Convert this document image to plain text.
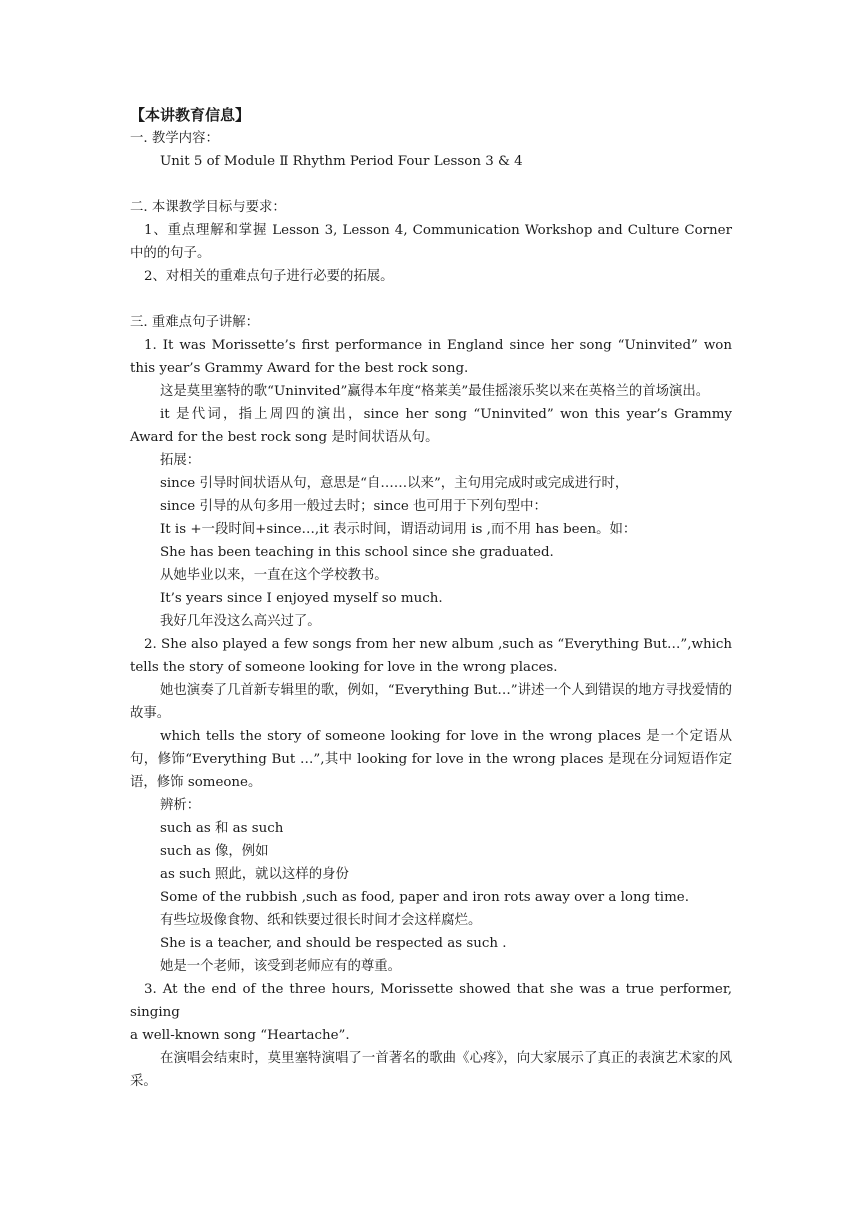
【本讲教育信息】

一. 教学内容：

Unit 5 of Module Ⅱ Rhythm Period Four Lesson 3 & 4

二. 本课教学目标与要求：

1、重点理解和掌握 Lesson 3, Lesson 4, Communication Workshop and Culture Corner 中的的句子。

2、对相关的重难点句子进行必要的拓展。

三. 重难点句子讲解：

1. It was Morissette’s first performance in England since her song “Uninvited” won this year’s Grammy Award for the best rock song.

这是莫里塞特的歌“Uninvited”赢得本年度“格莱美”最佳摇滚乐奖以来在英格兰的首场演出。

it 是代词，指上周四的演出，since her song “Uninvited” won this year’s Grammy Award for the best rock song 是时间状语从句。

拓展：

since 引导时间状语从句，意思是“自……以来”，主句用完成时或完成进行时，

since 引导的从句多用一般过去时；since 也可用于下列句型中：

It is +一段时间+since…,it 表示时间，谓语动词用 is ,而不用 has been。如：

She has been teaching in this school since she graduated.

从她毕业以来，一直在这个学校教书。

It’s years since I enjoyed myself so much.

我好几年没这么高兴过了。

2. She also played a few songs from her new album ,such as “Everything But…”,which tells the story of someone looking for love in the wrong places.

她也演奏了几首新专辑里的歌，例如，“Everything But…”讲述一个人到错误的地方寻找爱情的故事。

which tells the story of someone looking for love in the wrong places 是一个定语从句，修饰“Everything But …”,其中 looking for love in the wrong places 是现在分词短语作定语，修饰 someone。

辨析：

such as 和 as such

such as 像，例如

as such 照此，就以这样的身份

Some of the rubbish ,such as food, paper and iron rots away over a long time.

有些垃圾像食物、纸和铁要过很长时间才会这样腐烂。

She is a teacher, and should be respected as such .

她是一个老师，该受到老师应有的尊重。

3. At the end of the three hours, Morissette showed that she was a true performer, singing

a well-known song “Heartache”.

在演唱会结束时，莫里塞特演唱了一首著名的歌曲《心疼》，向大家展示了真正的表演艺术家的风采。
